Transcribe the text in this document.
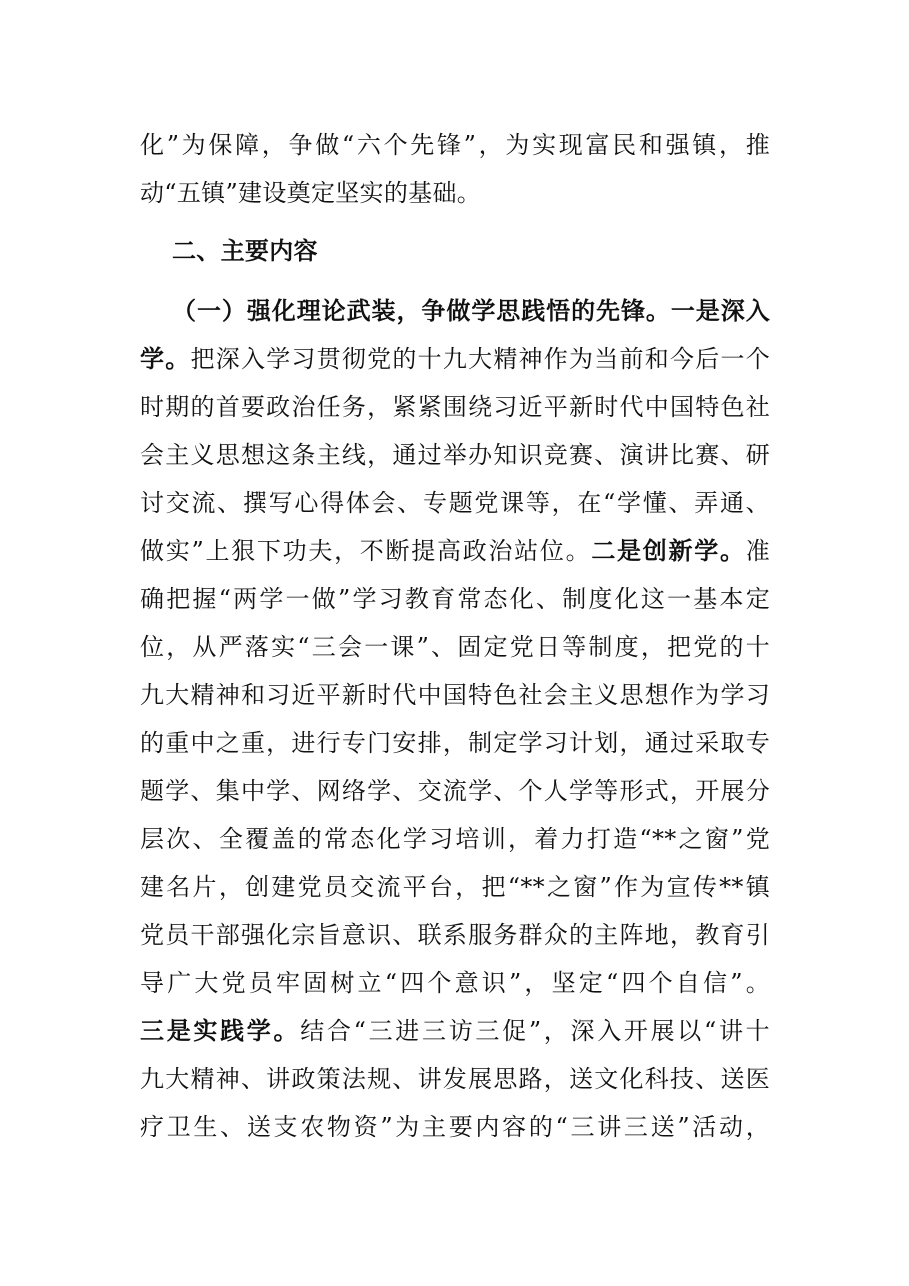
化”为保障，争做“六个先锋”，为实现富民和强镇，推
动“五镇”建设奠定坚实的基础。
二、主要内容
（一）强化理论武装，争做学思践悟的先锋。一是深入
学。把深入学习贯彻党的十九大精神作为当前和今后一个
时期的首要政治任务，紧紧围绕习近平新时代中国特色社
会主义思想这条主线，通过举办知识竞赛、演讲比赛、研
讨交流、撰写心得体会、专题党课等，在“学懂、弄通、
做实”上狠下功夫，不断提高政治站位。二是创新学。准
确把握“两学一做”学习教育常态化、制度化这一基本定
位，从严落实“三会一课”、固定党日等制度，把党的十
九大精神和习近平新时代中国特色社会主义思想作为学习
的重中之重，进行专门安排，制定学习计划，通过采取专
题学、集中学、网络学、交流学、个人学等形式，开展分
层次、全覆盖的常态化学习培训，着力打造“**之窗”党
建名片，创建党员交流平台，把“**之窗”作为宣传**镇
党员干部强化宗旨意识、联系服务群众的主阵地，教育引
导广大党员牢固树立“四个意识”，坚定“四个自信”。
三是实践学。结合“三进三访三促”，深入开展以“讲十
九大精神、讲政策法规、讲发展思路，送文化科技、送医
疗卫生、送支农物资”为主要内容的“三讲三送”活动，
